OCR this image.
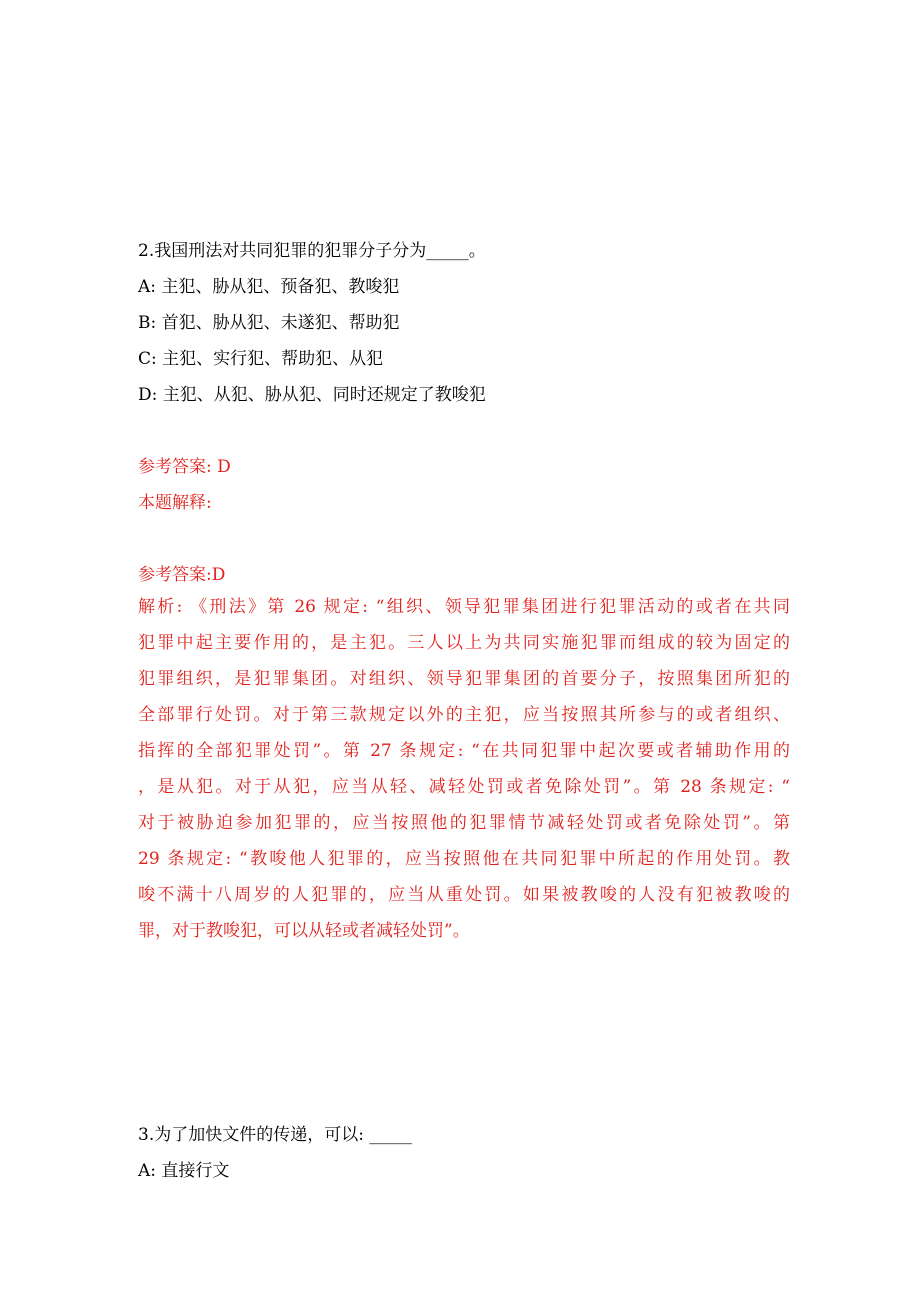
2.我国刑法对共同犯罪的犯罪分子分为_____。
A: 主犯、胁从犯、预备犯、教唆犯
B: 首犯、胁从犯、未遂犯、帮助犯
C: 主犯、实行犯、帮助犯、从犯
D: 主犯、从犯、胁从犯、同时还规定了教唆犯
参考答案: D
本题解释:
参考答案:D
解析: 《刑法》第 26 规定: “组织、领导犯罪集团进行犯罪活动的或者在共同
犯罪中起主要作用的，是主犯。三人以上为共同实施犯罪而组成的较为固定的
犯罪组织，是犯罪集团。对组织、领导犯罪集团的首要分子，按照集团所犯的
全部罪行处罚。对于第三款规定以外的主犯，应当按照其所参与的或者组织、
指挥的全部犯罪处罚”。第 27 条规定: “在共同犯罪中起次要或者辅助作用的
，是从犯。对于从犯，应当从轻、减轻处罚或者免除处罚”。第 28 条规定: “
对于被胁迫参加犯罪的，应当按照他的犯罪情节减轻处罚或者免除处罚”。第
29 条规定: “教唆他人犯罪的，应当按照他在共同犯罪中所起的作用处罚。教
唆不满十八周岁的人犯罪的，应当从重处罚。如果被教唆的人没有犯被教唆的
罪，对于教唆犯，可以从轻或者减轻处罚”。
3.为了加快文件的传递，可以: _____
A: 直接行文
